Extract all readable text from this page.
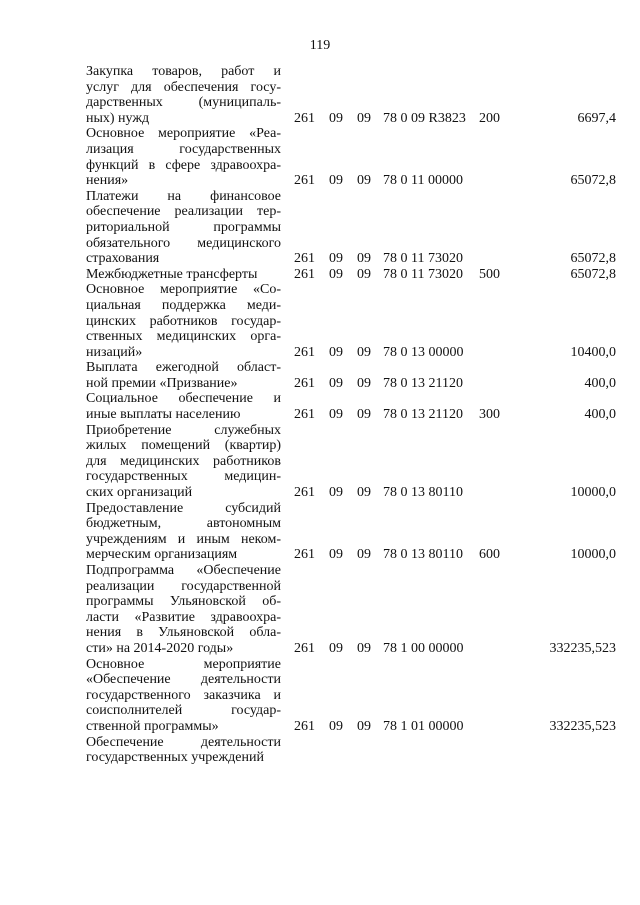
119
Закупка товаров, работ и
услуг для обеспечения госу-
дарственных (муниципаль-
ных) нужд	261 09 09 78 0 09 R3823 200	6697,4
Основное мероприятие «Реа-
лизация государственных
функций в сфере здравоохра-
нения»	261 09 09 78 0 11 00000	65072,8
Платежи на финансовое
обеспечение реализации тер-
риториальной программы
обязательного медицинского
страхования	261 09 09 78 0 11 73020	65072,8
Межбюджетные трансферты	261 09 09 78 0 11 73020 500	65072,8
Основное мероприятие «Со-
циальная поддержка меди-
цинских работников государ-
ственных медицинских орга-
низаций»	261 09 09 78 0 13 00000	10400,0
Выплата ежегодной област-
ной премии «Призвание»	261 09 09 78 0 13 21120	400,0
Социальное обеспечение и
иные выплаты населению	261 09 09 78 0 13 21120 300	400,0
Приобретение служебных
жилых помещений (квартир)
для медицинских работников
государственных медицин-
ских организаций	261 09 09 78 0 13 80110	10000,0
Предоставление субсидий
бюджетным, автономным
учреждениям и иным неком-
мерческим организациям	261 09 09 78 0 13 80110 600	10000,0
Подпрограмма «Обеспечение
реализации государственной
программы Ульяновской об-
ласти «Развитие здравоохра-
нения в Ульяновской обла-
сти» на 2014-2020 годы»	261 09 09 78 1 00 00000	332235,523
Основное мероприятие
«Обеспечение деятельности
государственного заказчика и
соисполнителей государ-
ственной программы»	261 09 09 78 1 01 00000	332235,523
Обеспечение деятельности
государственных учреждений
